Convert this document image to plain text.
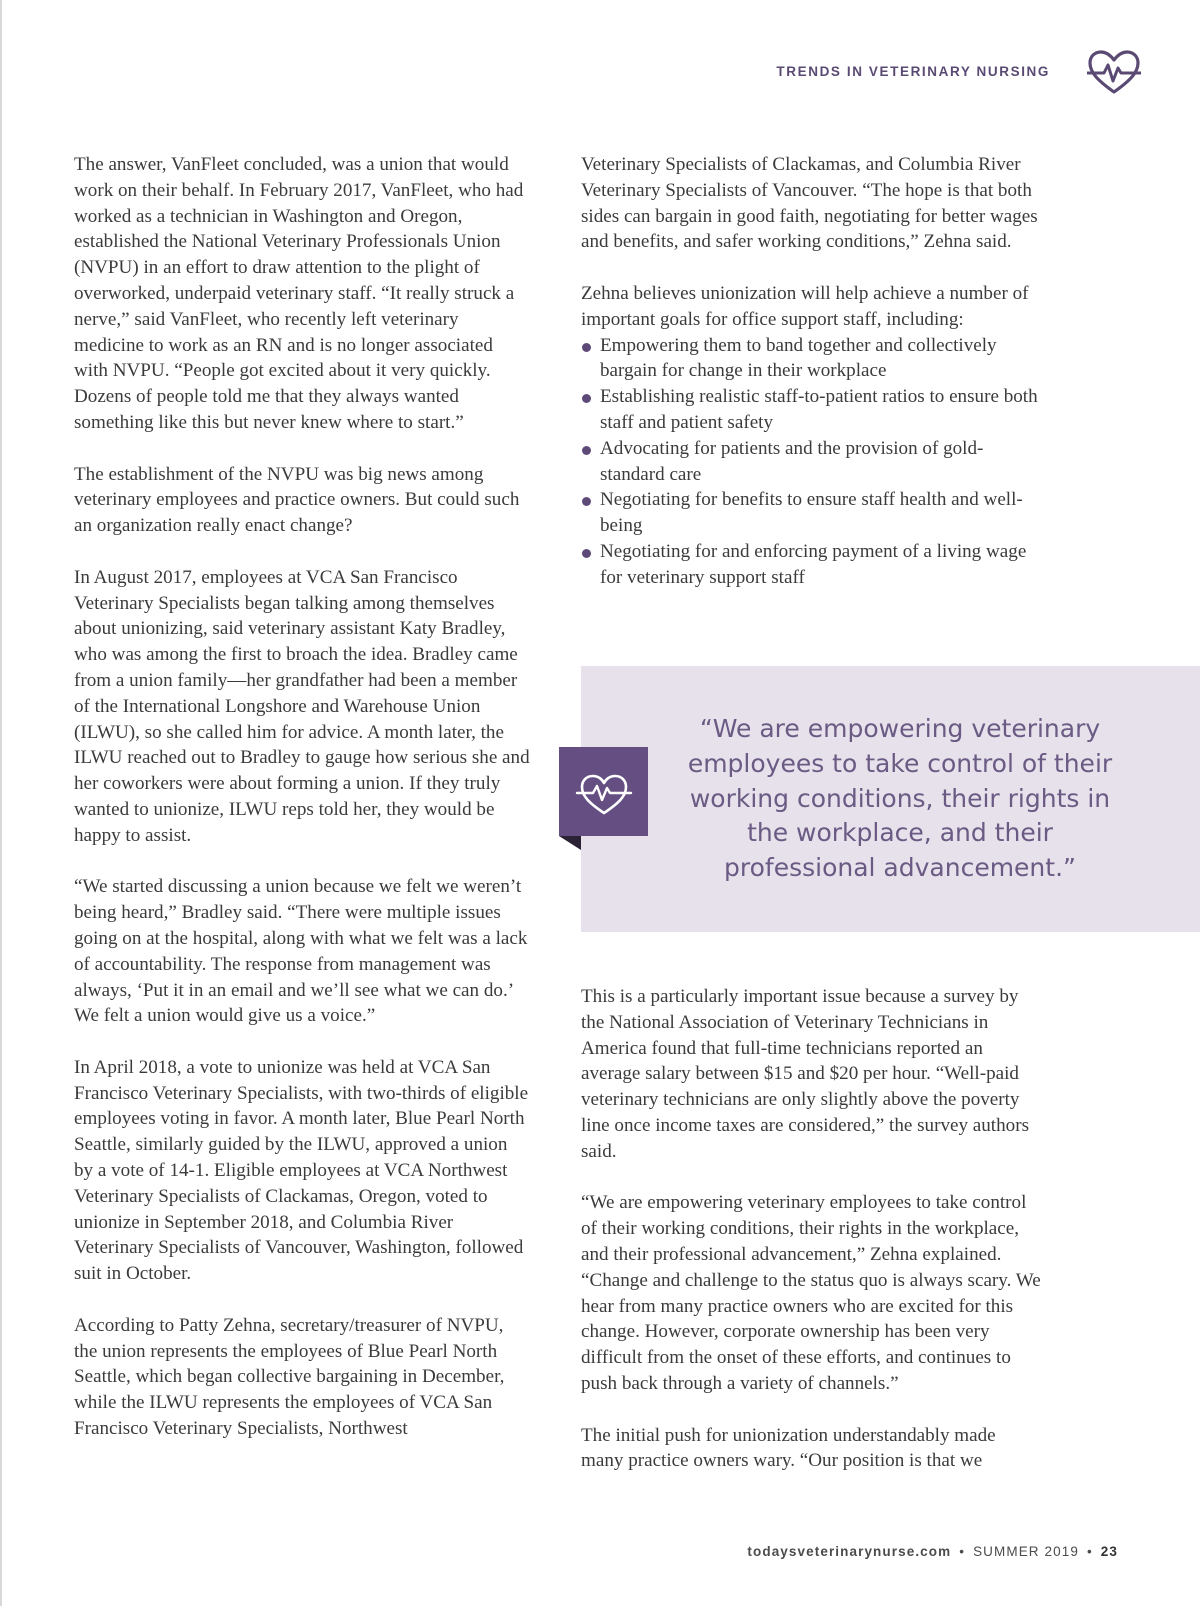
TRENDS IN VETERINARY NURSING

The answer, VanFleet concluded, was a union that would work on their behalf. In February 2017, VanFleet, who had worked as a technician in Washington and Oregon, established the National Veterinary Professionals Union (NVPU) in an effort to draw attention to the plight of overworked, underpaid veterinary staff. “It really struck a nerve,” said VanFleet, who recently left veterinary medicine to work as an RN and is no longer associated with NVPU. “People got excited about it very quickly. Dozens of people told me that they always wanted something like this but never knew where to start.”

The establishment of the NVPU was big news among veterinary employees and practice owners. But could such an organization really enact change?

In August 2017, employees at VCA San Francisco Veterinary Specialists began talking among themselves about unionizing, said veterinary assistant Katy Bradley, who was among the first to broach the idea. Bradley came from a union family—her grandfather had been a member of the International Longshore and Warehouse Union (ILWU), so she called him for advice. A month later, the ILWU reached out to Bradley to gauge how serious she and her coworkers were about forming a union. If they truly wanted to unionize, ILWU reps told her, they would be happy to assist.

“We started discussing a union because we felt we weren’t being heard,” Bradley said. “There were multiple issues going on at the hospital, along with what we felt was a lack of accountability. The response from management was always, ‘Put it in an email and we’ll see what we can do.’ We felt a union would give us a voice.”

In April 2018, a vote to unionize was held at VCA San Francisco Veterinary Specialists, with two-thirds of eligible employees voting in favor. A month later, Blue Pearl North Seattle, similarly guided by the ILWU, approved a union by a vote of 14-1. Eligible employees at VCA Northwest Veterinary Specialists of Clackamas, Oregon, voted to unionize in September 2018, and Columbia River Veterinary Specialists of Vancouver, Washington, followed suit in October.

According to Patty Zehna, secretary/treasurer of NVPU, the union represents the employees of Blue Pearl North Seattle, which began collective bargaining in December, while the ILWU represents the employees of VCA San Francisco Veterinary Specialists, Northwest

Veterinary Specialists of Clackamas, and Columbia River Veterinary Specialists of Vancouver. “The hope is that both sides can bargain in good faith, negotiating for better wages and benefits, and safer working conditions,” Zehna said.

Zehna believes unionization will help achieve a number of important goals for office support staff, including:

Empowering them to band together and collectively bargain for change in their workplace
Establishing realistic staff-to-patient ratios to ensure both staff and patient safety
Advocating for patients and the provision of gold-standard care
Negotiating for benefits to ensure staff health and well-being
Negotiating for and enforcing payment of a living wage for veterinary support staff
“We are empowering veterinary employees to take control of their working conditions, their rights in the workplace, and their professional advancement.”

This is a particularly important issue because a survey by the National Association of Veterinary Technicians in America found that full-time technicians reported an average salary between $15 and $20 per hour. “Well-paid veterinary technicians are only slightly above the poverty line once income taxes are considered,” the survey authors said.

“We are empowering veterinary employees to take control of their working conditions, their rights in the workplace, and their professional advancement,” Zehna explained. “Change and challenge to the status quo is always scary. We hear from many practice owners who are excited for this change. However, corporate ownership has been very difficult from the onset of these efforts, and continues to push back through a variety of channels.”

The initial push for unionization understandably made many practice owners wary. “Our position is that we

todaysveterinarynurse.com • SUMMER 2019 • 23
